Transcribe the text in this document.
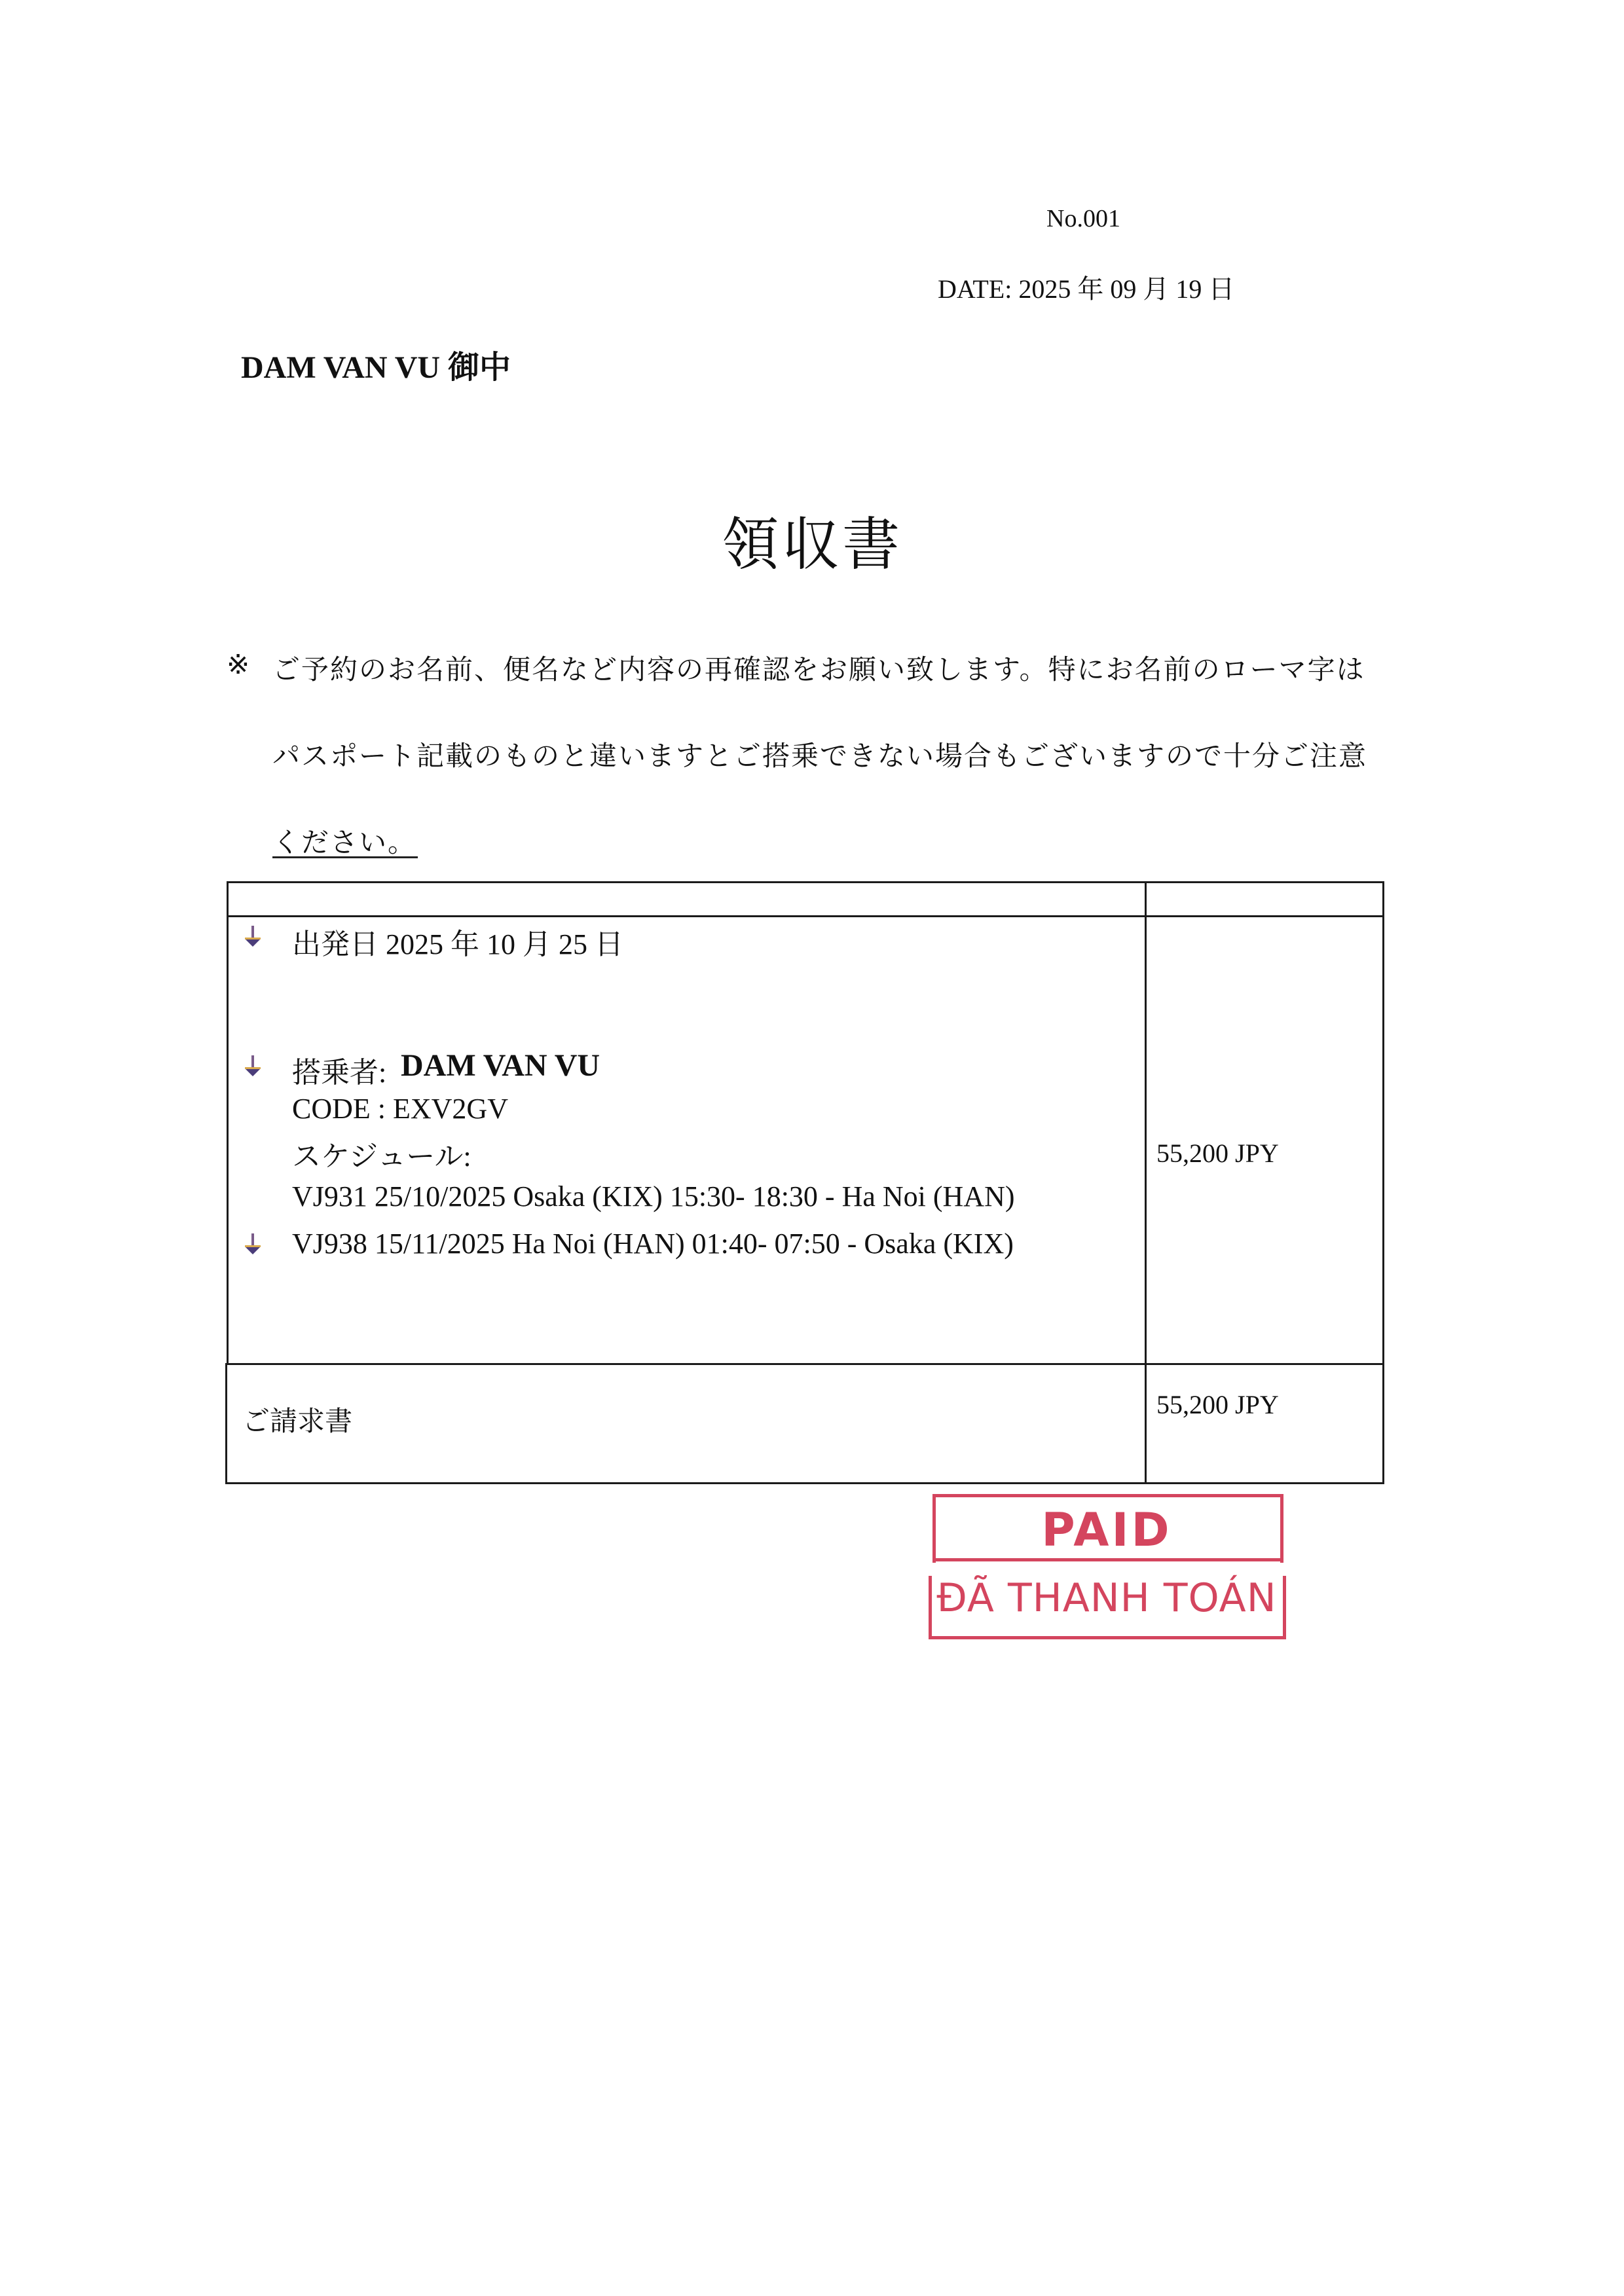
No.001
DATE: 2025 年 09 月 19 日
DAM VAN VU 御中
領収書
※ ご予約のお名前、便名など内容の再確認をお願い致します。特にお名前のローマ字は
パスポート記載のものと違いますとご搭乗できない場合もございますので十分ご注意
ください。
出発日 2025 年 10 月 25 日
搭乗者: DAM VAN VU
CODE : EXV2GV
スケジュール:
VJ931 25/10/2025 Osaka (KIX) 15:30- 18:30 - Ha Noi (HAN)
VJ938 15/11/2025 Ha Noi (HAN) 01:40- 07:50 - Osaka (KIX)
55,200 JPY
ご請求書
55,200 JPY
PAID
ĐÃ THANH TOÁN
